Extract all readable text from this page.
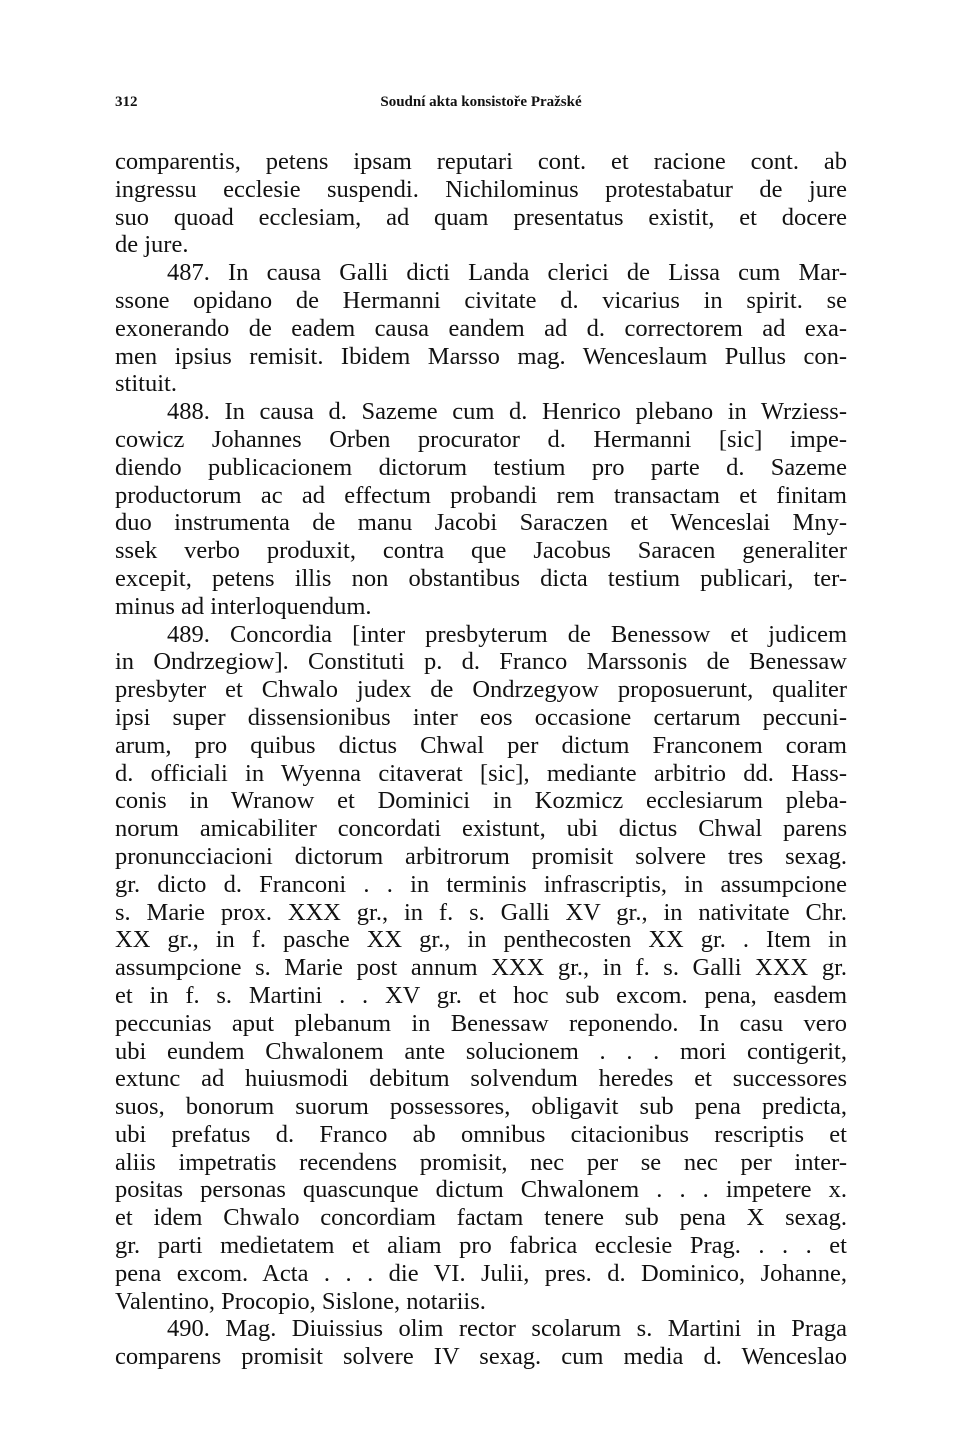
312	Soudní akta konsistoře Pražské
comparentis, petens ipsam reputari cont. et racione cont. ab
ingressu ecclesie suspendi. Nichilominus protestabatur de jure
suo quoad ecclesiam, ad quam presentatus existit, et docere
de jure.
487. In causa Galli dicti Landa clerici de Lissa cum Mar-
ssone opidano de Hermanni civitate d. vicarius in spirit. se
exonerando de eadem causa eandem ad d. correctorem ad exa-
men ipsius remisit. Ibidem Marsso mag. Wenceslaum Pullus con-
stituit.
488. In causa d. Sazeme cum d. Henrico plebano in Wrziess-
cowicz Johannes Orben procurator d. Hermanni [sic] impe-
diendo publicacionem dictorum testium pro parte d. Sazeme
productorum ac ad effectum probandi rem transactam et finitam
duo instrumenta de manu Jacobi Saraczen et Wenceslai Mny-
ssek verbo produxit, contra que Jacobus Saracen generaliter
excepit, petens illis non obstantibus dicta testium publicari, ter-
minus ad interloquendum.
489. Concordia [inter presbyterum de Benessow et judicem
in Ondrzegiow]. Constituti p. d. Franco Marssonis de Benessaw
presbyter et Chwalo judex de Ondrzegyow proposuerunt, qualiter
ipsi super dissensionibus inter eos occasione certarum peccuni-
arum, pro quibus dictus Chwal per dictum Franconem coram
d. officiali in Wyenna citaverat [sic], mediante arbitrio dd. Hass-
conis in Wranow et Dominici in Kozmicz ecclesiarum pleba-
norum amicabiliter concordati existunt, ubi dictus Chwal parens
pronuncciacioni dictorum arbitrorum promisit solvere tres sexag.
gr. dicto d. Franconi . . in terminis infrascriptis, in assumpcione
s. Marie prox. XXX gr., in f. s. Galli XV gr., in nativitate Chr.
XX gr., in f. pasche XX gr., in penthecosten XX gr. . Item in
assumpcione s. Marie post annum XXX gr., in f. s. Galli XXX gr.
et in f. s. Martini . . XV gr. et hoc sub excom. pena, easdem
peccunias aput plebanum in Benessaw reponendo. In casu vero
ubi eundem Chwalonem ante solucionem . . . mori contigerit,
extunc ad huiusmodi debitum solvendum heredes et successores
suos, bonorum suorum possessores, obligavit sub pena predicta,
ubi prefatus d. Franco ab omnibus citacionibus rescriptis et
aliis impetratis recendens promisit, nec per se nec per inter-
positas personas quascunque dictum Chwalonem . . . impetere x.
et idem Chwalo concordiam factam tenere sub pena X sexag.
gr. parti medietatem et aliam pro fabrica ecclesie Prag. . . . et
pena excom. Acta . . . die VI. Julii, pres. d. Dominico, Johanne,
Valentino, Procopio, Sislone, notariis.
490. Mag. Diuissius olim rector scolarum s. Martini in Praga
comparens promisit solvere IV sexag. cum media d. Wenceslao
